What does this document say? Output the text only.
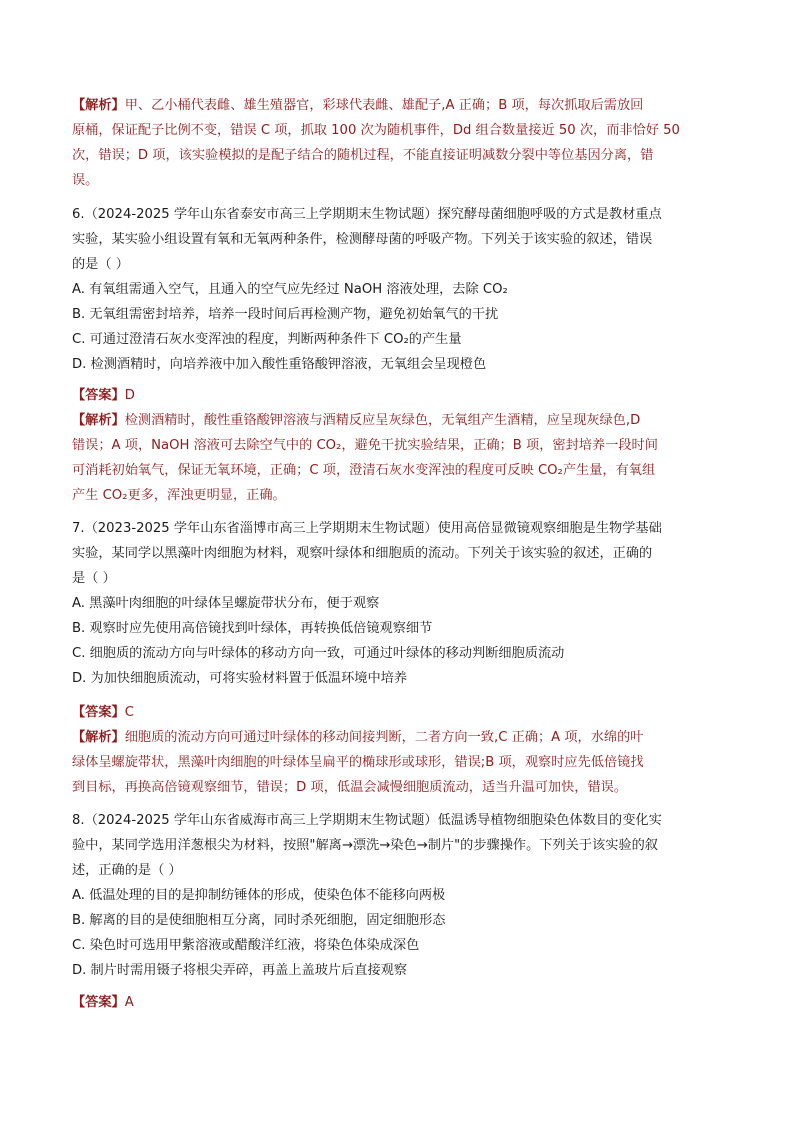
【解析】甲、乙小桶代表雌、雄生殖器官，彩球代表雌、雄配子,A 正确；B 项，每次抓取后需放回
原桶，保证配子比例不变，错误 C 项，抓取 100 次为随机事件，Dd 组合数量接近 50 次，而非恰好 50
次，错误；D 项，该实验模拟的是配子结合的随机过程，不能直接证明减数分裂中等位基因分离，错
误。
6.（2024-2025 学年山东省泰安市高三上学期期末生物试题）探究酵母菌细胞呼吸的方式是教材重点
实验，某实验小组设置有氧和无氧两种条件，检测酵母菌的呼吸产物。下列关于该实验的叙述，错误
的是（ ）
A. 有氧组需通入空气，且通入的空气应先经过 NaOH 溶液处理，去除 CO₂
B. 无氧组需密封培养，培养一段时间后再检测产物，避免初始氧气的干扰
C. 可通过澄清石灰水变浑浊的程度，判断两种条件下 CO₂的产生量
D. 检测酒精时，向培养液中加入酸性重铬酸钾溶液，无氧组会呈现橙色
【答案】D
【解析】检测酒精时，酸性重铬酸钾溶液与酒精反应呈灰绿色，无氧组产生酒精，应呈现灰绿色,D
错误；A 项，NaOH 溶液可去除空气中的 CO₂，避免干扰实验结果，正确；B 项，密封培养一段时间
可消耗初始氧气，保证无氧环境，正确；C 项，澄清石灰水变浑浊的程度可反映 CO₂产生量，有氧组
产生 CO₂更多，浑浊更明显，正确。
7.（2023-2025 学年山东省淄博市高三上学期期末生物试题）使用高倍显微镜观察细胞是生物学基础
实验，某同学以黑藻叶肉细胞为材料，观察叶绿体和细胞质的流动。下列关于该实验的叙述，正确的
是（ ）
A. 黑藻叶肉细胞的叶绿体呈螺旋带状分布，便于观察
B. 观察时应先使用高倍镜找到叶绿体，再转换低倍镜观察细节
C. 细胞质的流动方向与叶绿体的移动方向一致，可通过叶绿体的移动判断细胞质流动
D. 为加快细胞质流动，可将实验材料置于低温环境中培养
【答案】C
【解析】细胞质的流动方向可通过叶绿体的移动间接判断，二者方向一致,C 正确；A 项，水绵的叶
绿体呈螺旋带状，黑藻叶肉细胞的叶绿体呈扁平的椭球形或球形，错误;B 项，观察时应先低倍镜找
到目标，再换高倍镜观察细节，错误；D 项，低温会减慢细胞质流动，适当升温可加快，错误。
8.（2024-2025 学年山东省威海市高三上学期期末生物试题）低温诱导植物细胞染色体数目的变化实
验中，某同学选用洋葱根尖为材料，按照"解离→漂洗→染色→制片"的步骤操作。下列关于该实验的叙
述，正确的是（ ）
A. 低温处理的目的是抑制纺锤体的形成，使染色体不能移向两极
B. 解离的目的是使细胞相互分离，同时杀死细胞，固定细胞形态
C. 染色时可选用甲紫溶液或醋酸洋红液，将染色体染成深色
D. 制片时需用镊子将根尖弄碎，再盖上盖玻片后直接观察
【答案】A
